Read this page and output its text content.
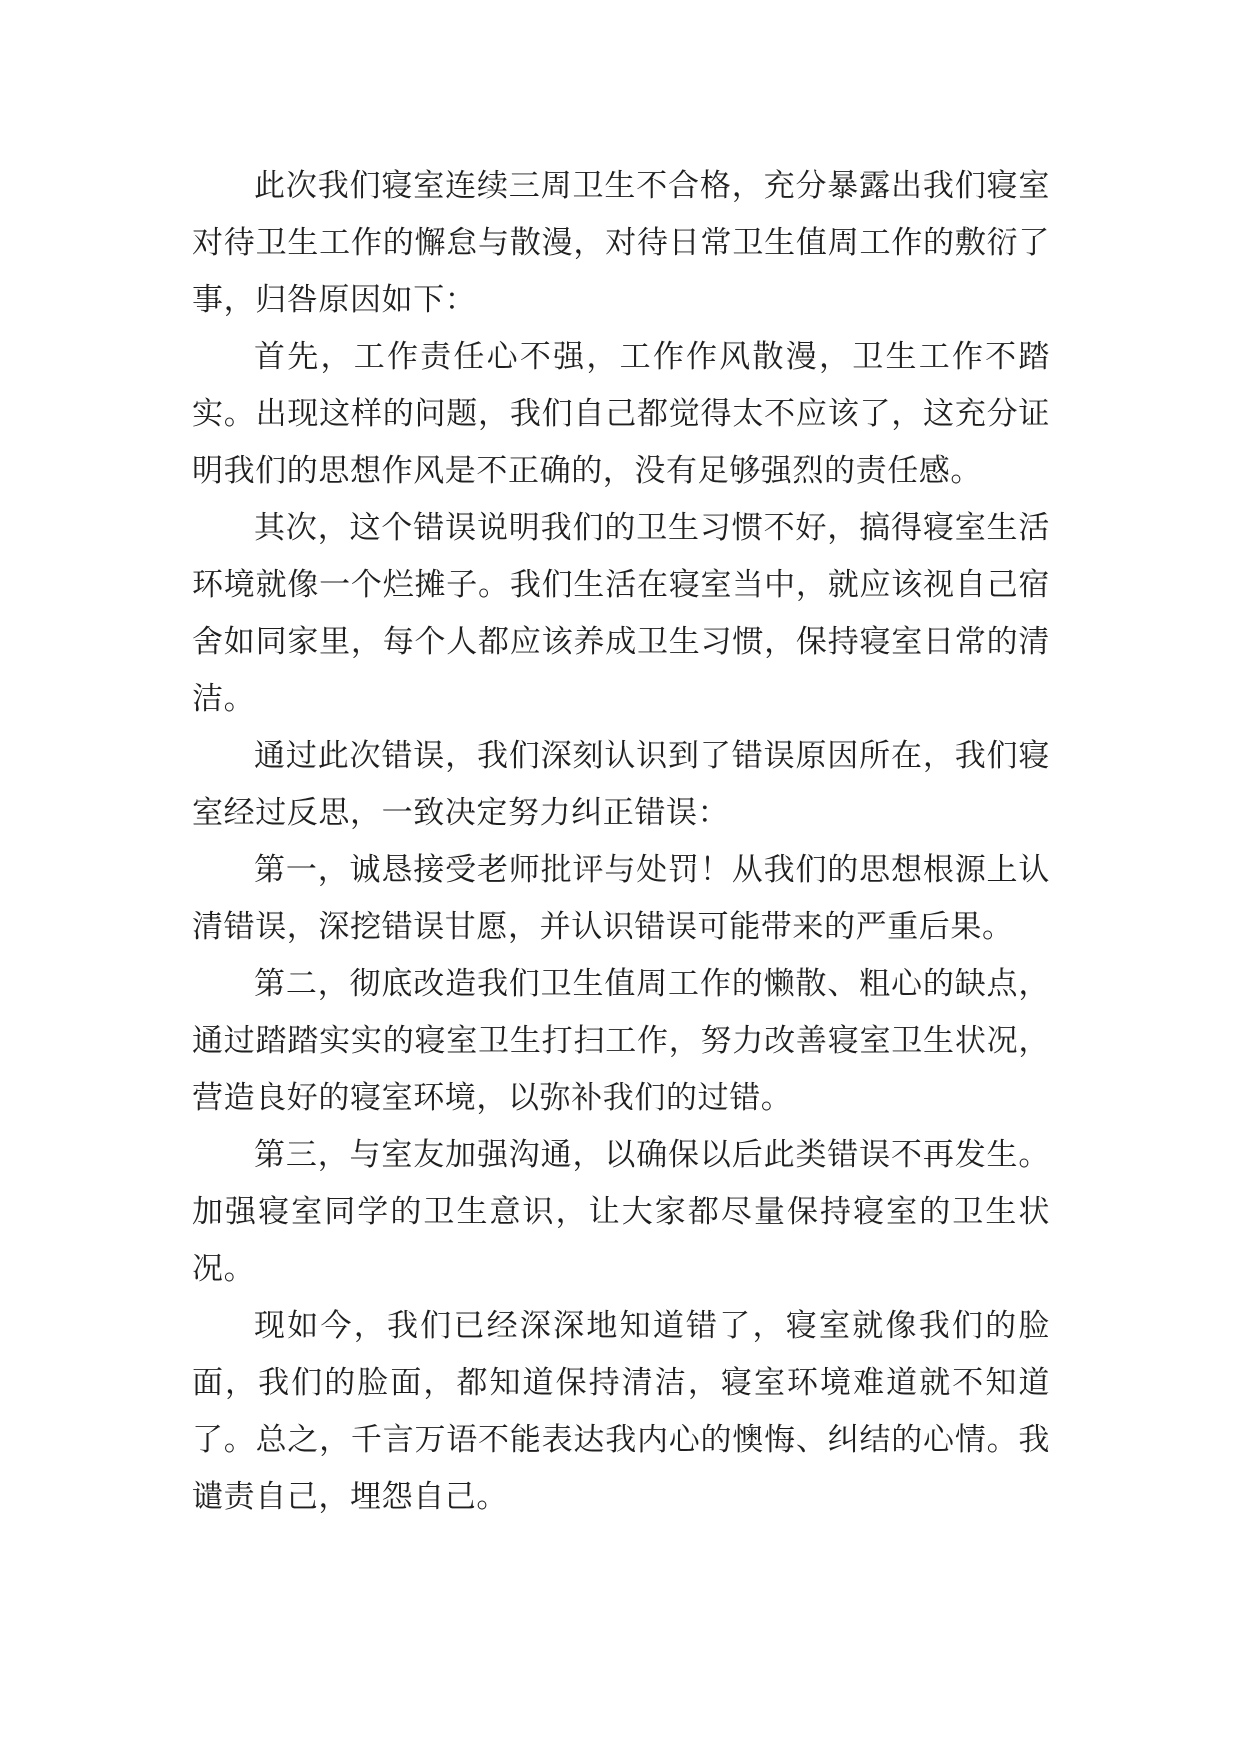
此次我们寝室连续三周卫生不合格，充分暴露出我们寝室对待卫生工作的懈怠与散漫，对待日常卫生值周工作的敷衍了事，归咎原因如下：

首先，工作责任心不强，工作作风散漫，卫生工作不踏实。出现这样的问题，我们自己都觉得太不应该了，这充分证明我们的思想作风是不正确的，没有足够强烈的责任感。

其次，这个错误说明我们的卫生习惯不好，搞得寝室生活环境就像一个烂摊子。我们生活在寝室当中，就应该视自己宿舍如同家里，每个人都应该养成卫生习惯，保持寝室日常的清洁。

通过此次错误，我们深刻认识到了错误原因所在，我们寝室经过反思，一致决定努力纠正错误：

第一，诚恳接受老师批评与处罚！从我们的思想根源上认清错误，深挖错误甘愿，并认识错误可能带来的严重后果。

第二，彻底改造我们卫生值周工作的懒散、粗心的缺点，通过踏踏实实的寝室卫生打扫工作，努力改善寝室卫生状况，营造良好的寝室环境，以弥补我们的过错。

第三，与室友加强沟通，以确保以后此类错误不再发生。加强寝室同学的卫生意识，让大家都尽量保持寝室的卫生状况。

现如今，我们已经深深地知道错了，寝室就像我们的脸面，我们的脸面，都知道保持清洁，寝室环境难道就不知道了。总之，千言万语不能表达我内心的懊悔、纠结的心情。我谴责自己，埋怨自己。
